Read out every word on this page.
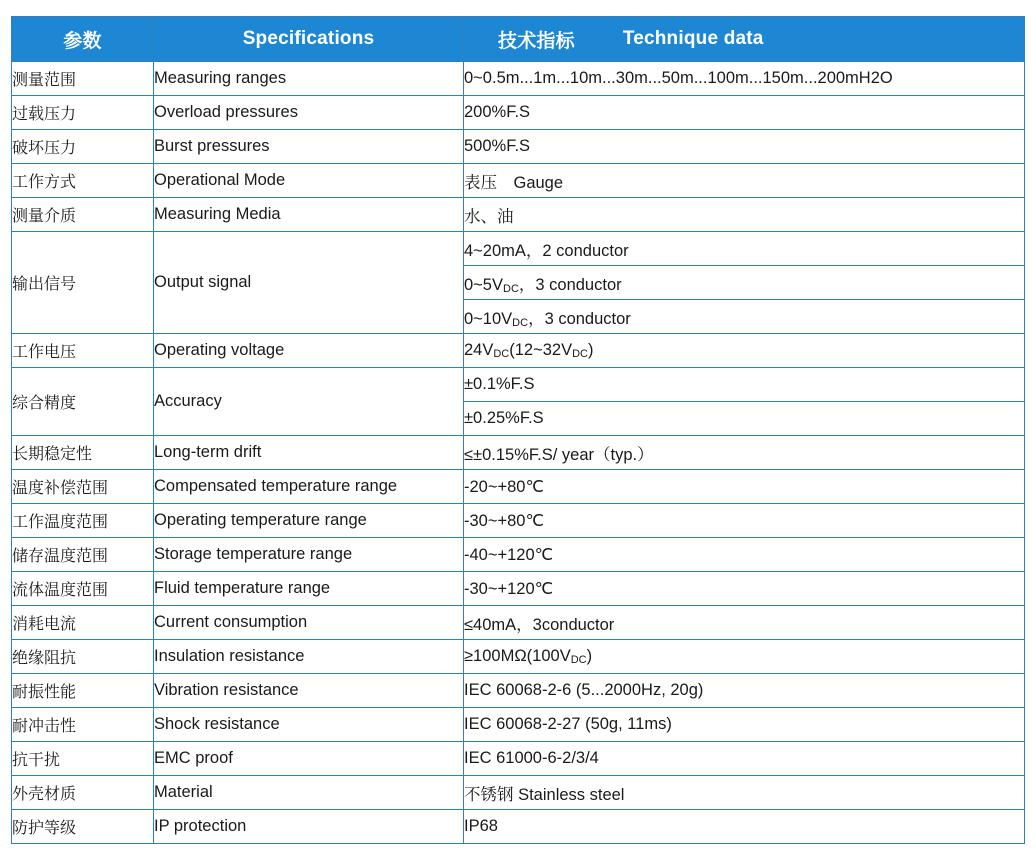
参数	Specifications	技术指标 Technique data

测量范围	Measuring ranges	0~0.5m...1m...10m...30m...50m...100m...150m...200mH2O
过载压力	Overload pressures	200%F.S
破坏压力	Burst pressures	500%F.S
工作方式	Operational Mode	表压　Gauge
测量介质	Measuring Media	水、油
输出信号	Output signal	4~20mA，2 conductor
		$0\sim 5V_{DC}$，3 conductor
		$0\sim 10V_{DC}$，3 conductor
工作电压	Operating voltage	$24V_{DC}(12\sim 32V_{DC})$
综合精度	Accuracy	±0.1%F.S
		±0.25%F.S
长期稳定性	Long-term drift	≤±0.15%F.S/ year（typ.）
温度补偿范围	Compensated temperature range	-20~+80℃
工作温度范围	Operating temperature range	-30~+80℃
储存温度范围	Storage temperature range	-40~+120℃
流体温度范围	Fluid temperature range	-30~+120℃
消耗电流	Current consumption	≤40mA，3conductor
绝缘阻抗	Insulation resistance	$\ge 100M\Omega(100V_{DC})$
耐振性能	Vibration resistance	IEC 60068-2-6 (5...2000Hz, 20g)
耐冲击性	Shock resistance	IEC 60068-2-27 (50g, 11ms)
抗干扰	EMC proof	IEC 61000-6-2/3/4
外壳材质	Material	不锈钢 Stainless steel
防护等级	IP protection	IP68
